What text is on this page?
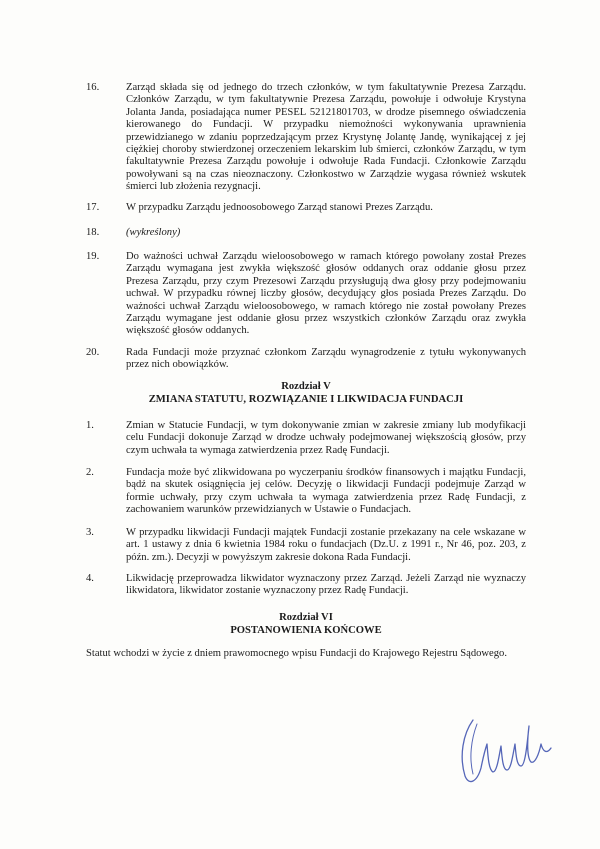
16.	Zarząd składa się od jednego do trzech członków, w tym fakultatywnie Prezesa Zarządu. Członków Zarządu, w tym fakultatywnie Prezesa Zarządu, powołuje i odwołuje Krystyna Jolanta Janda, posiadająca numer PESEL 52121801703, w drodze pisemnego oświadczenia kierowanego do Fundacji. W przypadku niemożności wykonywania uprawnienia przewidzianego w zdaniu poprzedzającym przez Krystynę Jolantę Jandę, wynikającej z jej ciężkiej choroby stwierdzonej orzeczeniem lekarskim lub śmierci, członków Zarządu, w tym fakultatywnie Prezesa Zarządu powołuje i odwołuje Rada Fundacji. Członkowie Zarządu powoływani są na czas nieoznaczony. Członkostwo w Zarządzie wygasa również wskutek śmierci lub złożenia rezygnacji.
17.	W przypadku Zarządu jednoosobowego Zarząd stanowi Prezes Zarządu.
18.	(wykreślony)
19.	Do ważności uchwał Zarządu wieloosobowego w ramach którego powołany został Prezes Zarządu wymagana jest zwykła większość głosów oddanych oraz oddanie głosu przez Prezesa Zarządu, przy czym Prezesowi Zarządu przysługują dwa głosy przy podejmowaniu uchwał. W przypadku równej liczby głosów, decydujący głos posiada Prezes Zarządu. Do ważności uchwał Zarządu wieloosobowego, w ramach którego nie został powołany Prezes Zarządu wymagane jest oddanie głosu przez wszystkich członków Zarządu oraz zwykła większość głosów oddanych.
20.	Rada Fundacji może przyznać członkom Zarządu wynagrodzenie z tytułu wykonywanych przez nich obowiązków.
Rozdział V
ZMIANA STATUTU, ROZWIĄZANIE I LIKWIDACJA FUNDACJI
1.	Zmian w Statucie Fundacji, w tym dokonywanie zmian w zakresie zmiany lub modyfikacji celu Fundacji dokonuje Zarząd w drodze uchwały podejmowanej większością głosów, przy czym uchwała ta wymaga zatwierdzenia przez Radę Fundacji.
2.	Fundacja może być zlikwidowana po wyczerpaniu środków finansowych i majątku Fundacji, bądź na skutek osiągnięcia jej celów. Decyzję o likwidacji Fundacji podejmuje Zarząd w formie uchwały, przy czym uchwała ta wymaga zatwierdzenia przez Radę Fundacji, z zachowaniem warunków przewidzianych w Ustawie o Fundacjach.
3.	W przypadku likwidacji Fundacji majątek Fundacji zostanie przekazany na cele wskazane w art. 1 ustawy z dnia 6 kwietnia 1984 roku o fundacjach (Dz.U. z 1991 r., Nr 46, poz. 203, z późn. zm.). Decyzji w powyższym zakresie dokona Rada Fundacji.
4.	Likwidację przeprowadza likwidator wyznaczony przez Zarząd. Jeżeli Zarząd nie wyznaczy likwidatora, likwidator zostanie wyznaczony przez Radę Fundacji.
Rozdział VI
POSTANOWIENIA KOŃCOWE
Statut wchodzi w życie z dniem prawomocnego wpisu Fundacji do Krajowego Rejestru Sądowego.
